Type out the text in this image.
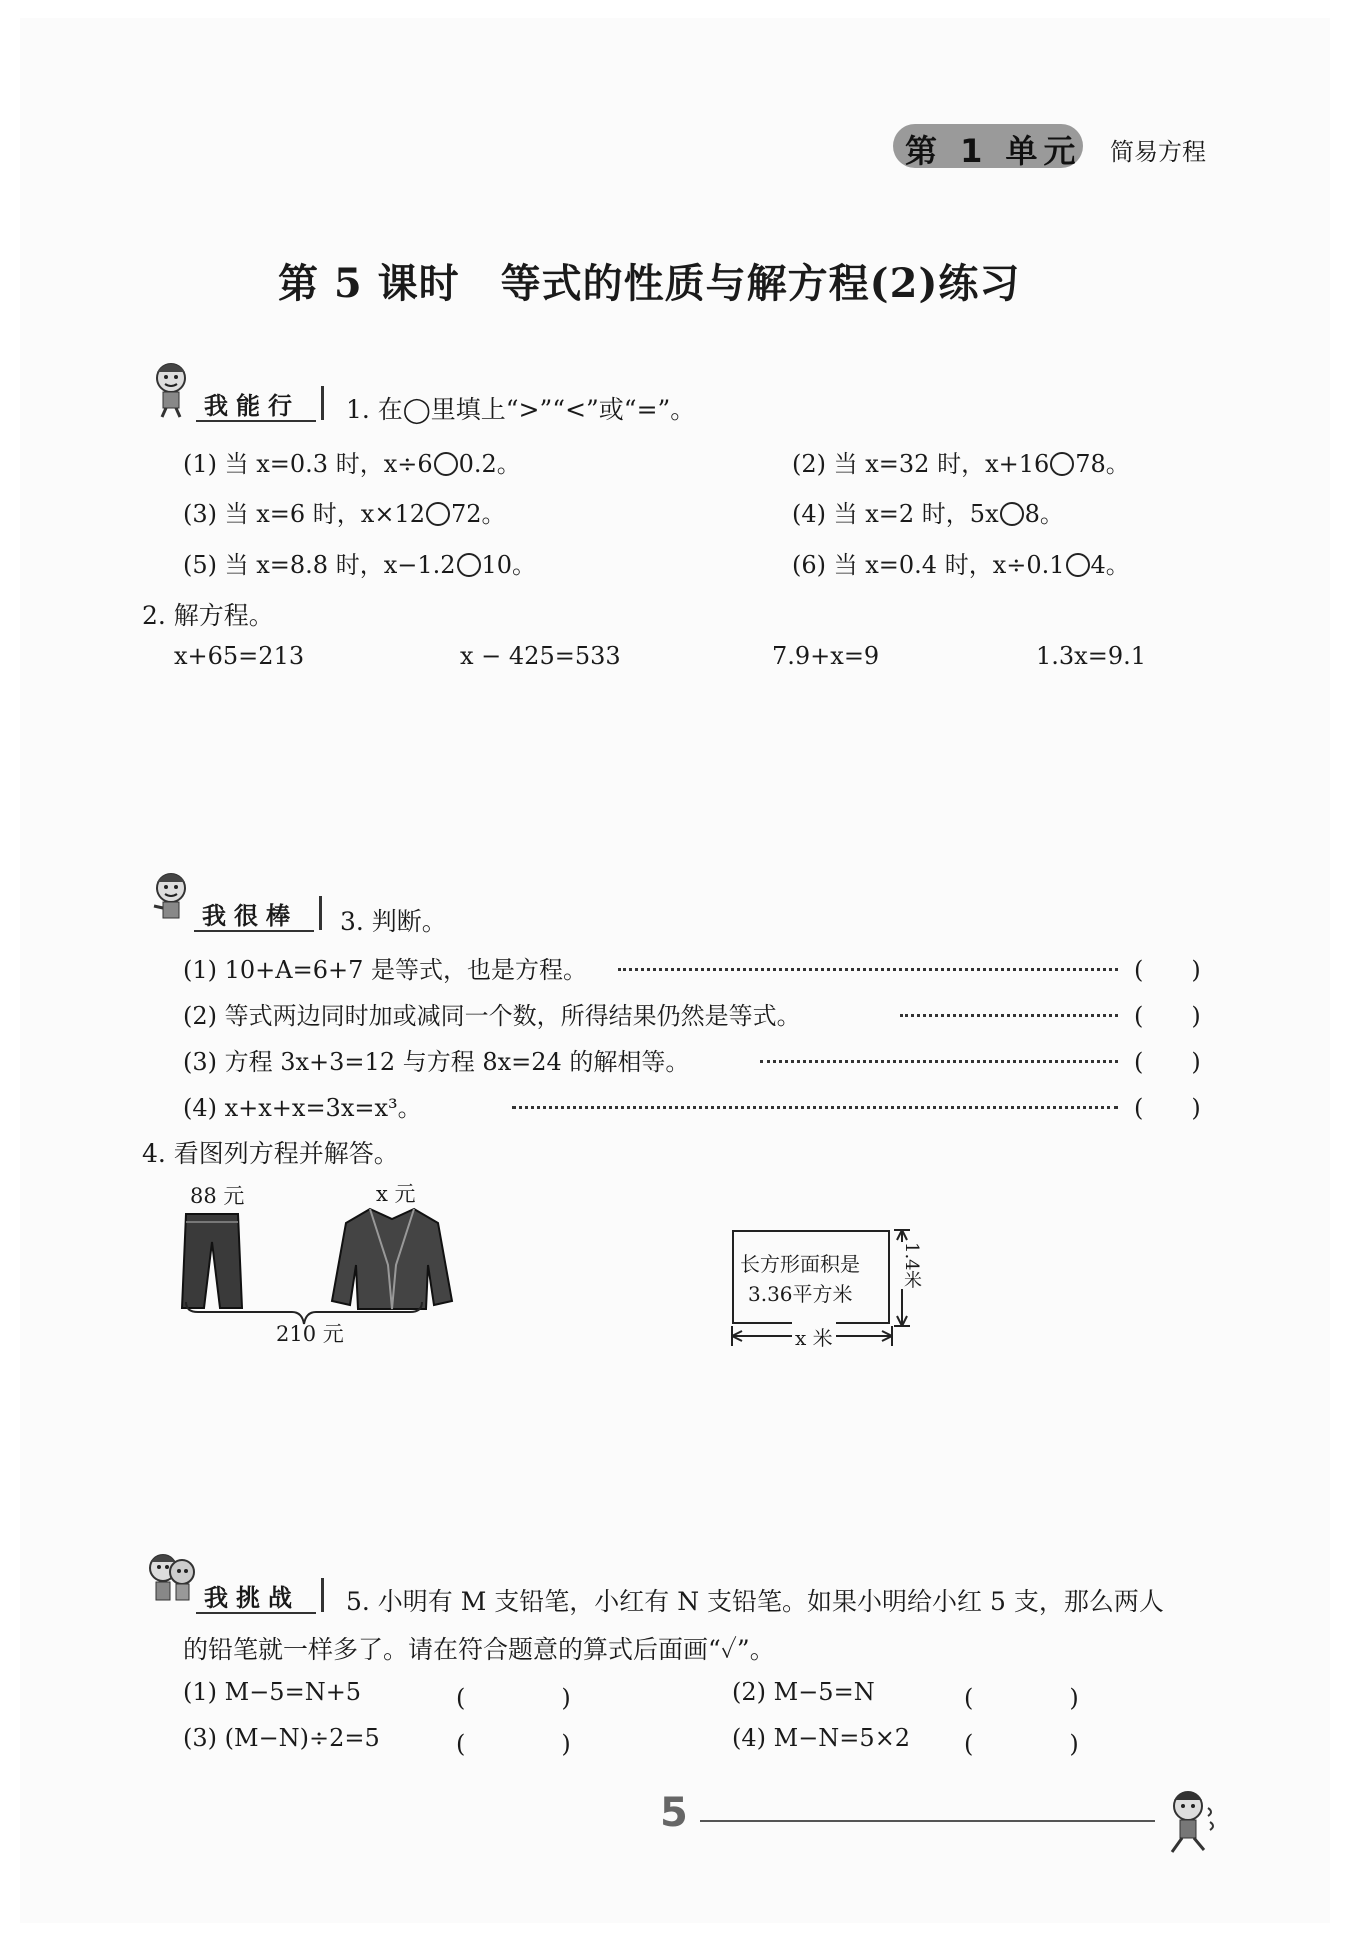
第 1 单元 简易方程
第 5 课时　等式的性质与解方程(2)练习
我能行	1. 在◯里填上“>”“<”或“=”。
(1) 当 x=0.3 时，x÷6 0.2。	(2) 当 x=32 时，x+16 78。
(3) 当 x=6 时，x×12 72。	(4) 当 x=2 时，5x 8。
(5) 当 x=8.8 时，x−1.2 10。	(6) 当 x=0.4 时，x÷0.1 4。
2. 解方程。
x+65=213	x − 425=533	7.9+x=9	1.3x=9.1
我很棒	3. 判断。
(1) 10+A=6+7 是等式，也是方程。	(　　)
(2) 等式两边同时加或减同一个数，所得结果仍然是等式。	(　　)
(3) 方程 3x+3=12 与方程 8x=24 的解相等。	(　　)
(4) x+x+x=3x=x³。	(　　)
4. 看图列方程并解答。
88 元	x 元
210 元
长方形面积是
3.36平方米
1.4米
x 米
我挑战	5. 小明有 M 支铅笔，小红有 N 支铅笔。如果小明给小红 5 支，那么两人
的铅笔就一样多了。请在符合题意的算式后面画“✓”。
(1) M−5=N+5	(　　　　)	(2) M−5=N	(　　　　)
(3) (M−N)÷2=5	(　　　　)	(4) M−N=5×2 (　　　　)
5
